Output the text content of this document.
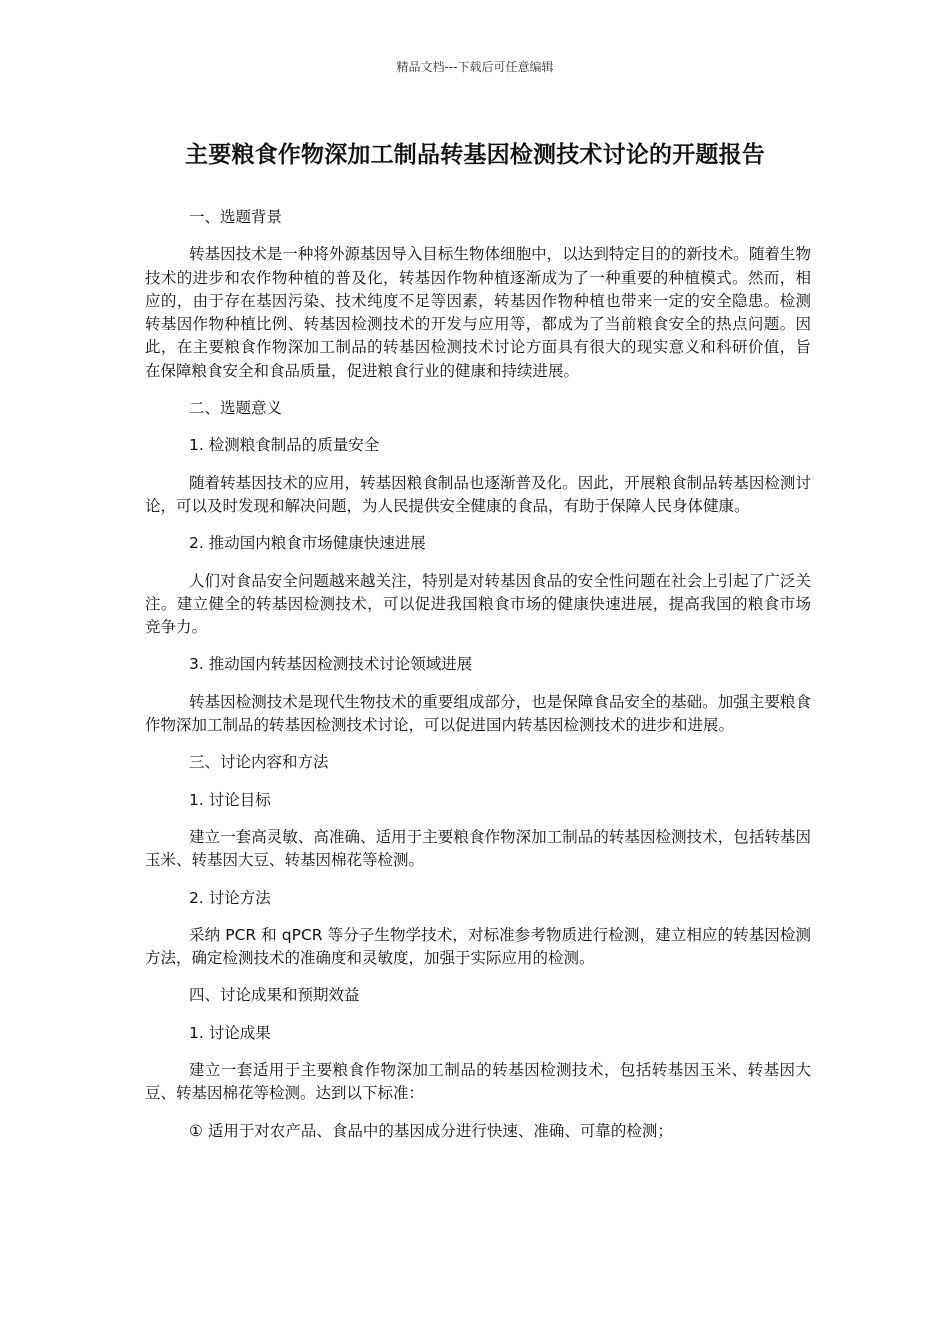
精品文档---下载后可任意编辑
主要粮食作物深加工制品转基因检测技术讨论的开题报告

一、选题背景

转基因技术是一种将外源基因导入目标生物体细胞中，以达到特定目的的新技术。随着生物技术的进步和农作物种植的普及化，转基因作物种植逐渐成为了一种重要的种植模式。然而，相应的，由于存在基因污染、技术纯度不足等因素，转基因作物种植也带来一定的安全隐患。检测转基因作物种植比例、转基因检测技术的开发与应用等，都成为了当前粮食安全的热点问题。因此，在主要粮食作物深加工制品的转基因检测技术讨论方面具有很大的现实意义和科研价值，旨在保障粮食安全和食品质量，促进粮食行业的健康和持续进展。

二、选题意义

1. 检测粮食制品的质量安全

随着转基因技术的应用，转基因粮食制品也逐渐普及化。因此，开展粮食制品转基因检测讨论，可以及时发现和解决问题，为人民提供安全健康的食品，有助于保障人民身体健康。

2. 推动国内粮食市场健康快速进展

人们对食品安全问题越来越关注，特别是对转基因食品的安全性问题在社会上引起了广泛关注。建立健全的转基因检测技术，可以促进我国粮食市场的健康快速进展，提高我国的粮食市场竞争力。

3. 推动国内转基因检测技术讨论领域进展

转基因检测技术是现代生物技术的重要组成部分，也是保障食品安全的基础。加强主要粮食作物深加工制品的转基因检测技术讨论，可以促进国内转基因检测技术的进步和进展。

三、讨论内容和方法

1. 讨论目标

建立一套高灵敏、高准确、适用于主要粮食作物深加工制品的转基因检测技术，包括转基因玉米、转基因大豆、转基因棉花等检测。

2. 讨论方法

采纳 PCR 和 qPCR 等分子生物学技术，对标准参考物质进行检测，建立相应的转基因检测方法，确定检测技术的准确度和灵敏度，加强于实际应用的检测。

四、讨论成果和预期效益

1. 讨论成果

建立一套适用于主要粮食作物深加工制品的转基因检测技术，包括转基因玉米、转基因大豆、转基因棉花等检测。达到以下标准：

① 适用于对农产品、食品中的基因成分进行快速、准确、可靠的检测；
